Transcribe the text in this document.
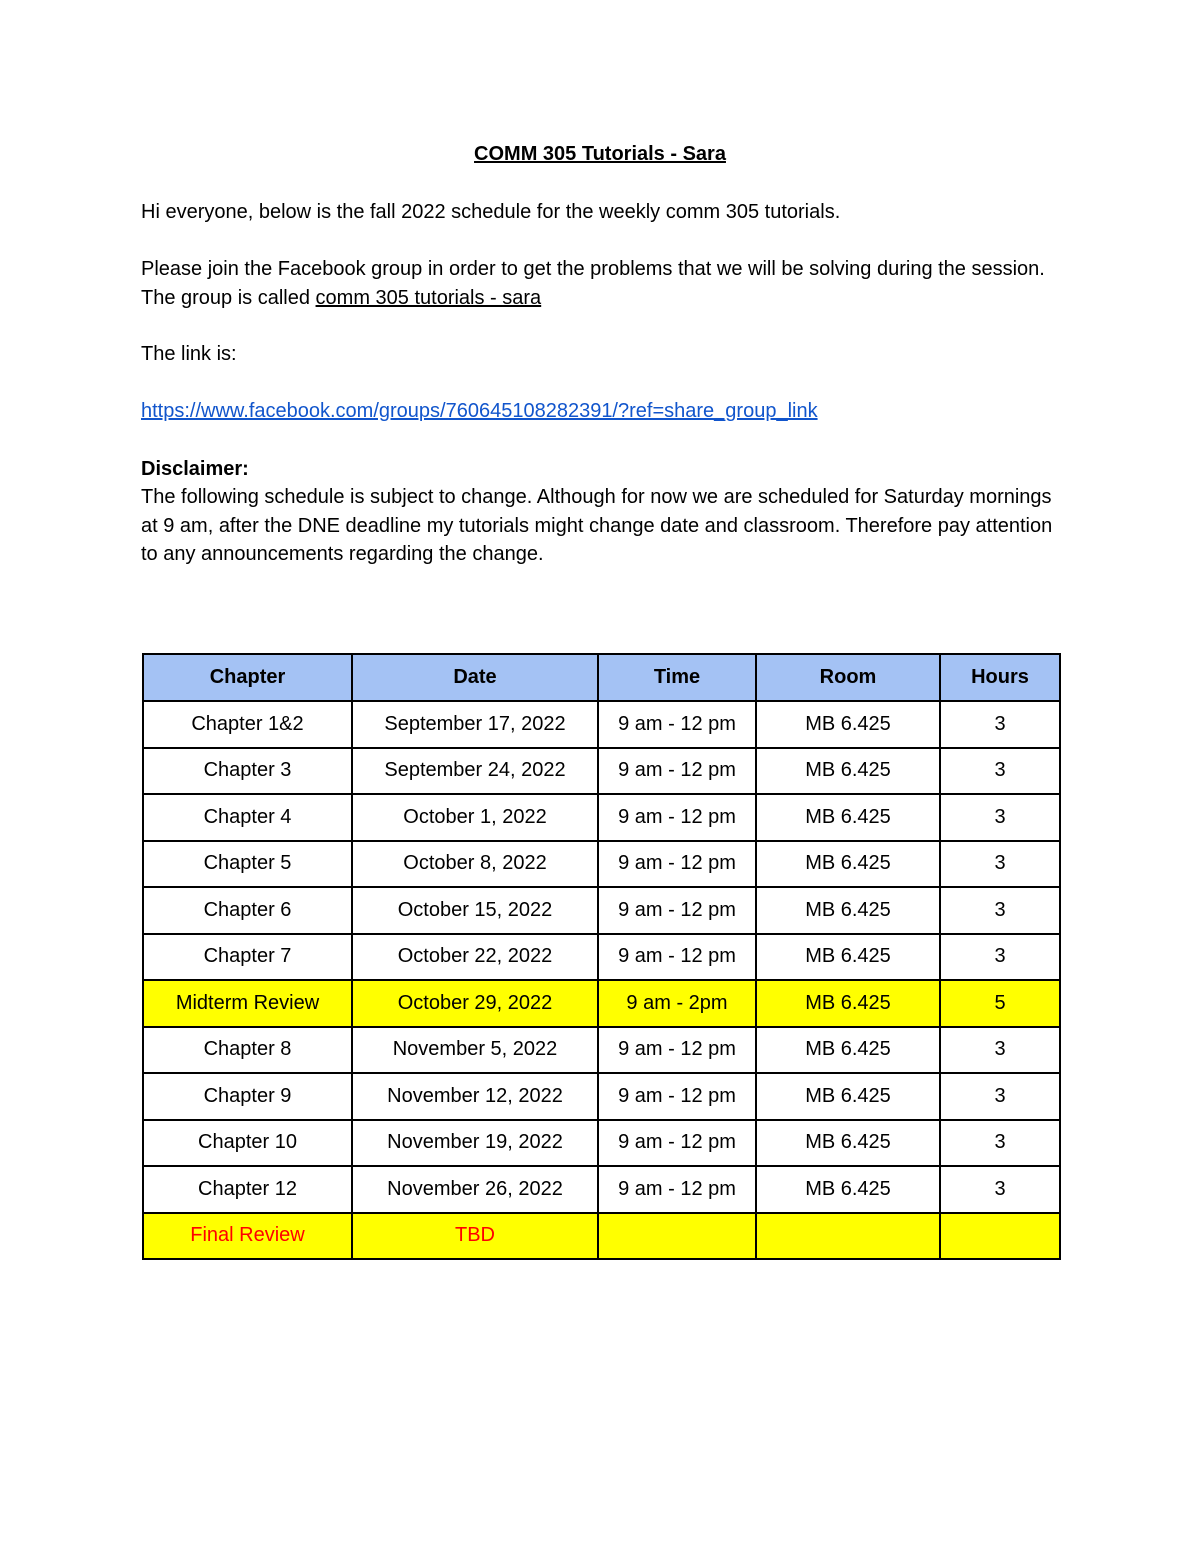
COMM 305 Tutorials - Sara
Hi everyone, below is the fall 2022 schedule for the weekly comm 305 tutorials.
Please join the Facebook group in order to get the problems that we will be solving during the session. The group is called comm 305 tutorials - sara
The link is:
https://www.facebook.com/groups/760645108282391/?ref=share_group_link
Disclaimer:
The following schedule is subject to change. Although for now we are scheduled for Saturday mornings at 9 am, after the DNE deadline my tutorials might change date and classroom. Therefore pay attention to any announcements regarding the change.
Chapter	Date	Time	Room	Hours
Chapter 1&2	September 17, 2022	9 am - 12 pm	MB 6.425	3
Chapter 3	September 24, 2022	9 am - 12 pm	MB 6.425	3
Chapter 4	October 1, 2022	9 am - 12 pm	MB 6.425	3
Chapter 5	October 8, 2022	9 am - 12 pm	MB 6.425	3
Chapter 6	October 15, 2022	9 am - 12 pm	MB 6.425	3
Chapter 7	October 22, 2022	9 am - 12 pm	MB 6.425	3
Midterm Review	October 29, 2022	9 am - 2pm	MB 6.425	5
Chapter 8	November 5, 2022	9 am - 12 pm	MB 6.425	3
Chapter 9	November 12, 2022	9 am - 12 pm	MB 6.425	3
Chapter 10	November 19, 2022	9 am - 12 pm	MB 6.425	3
Chapter 12	November 26, 2022	9 am - 12 pm	MB 6.425	3
Final Review	TBD			
